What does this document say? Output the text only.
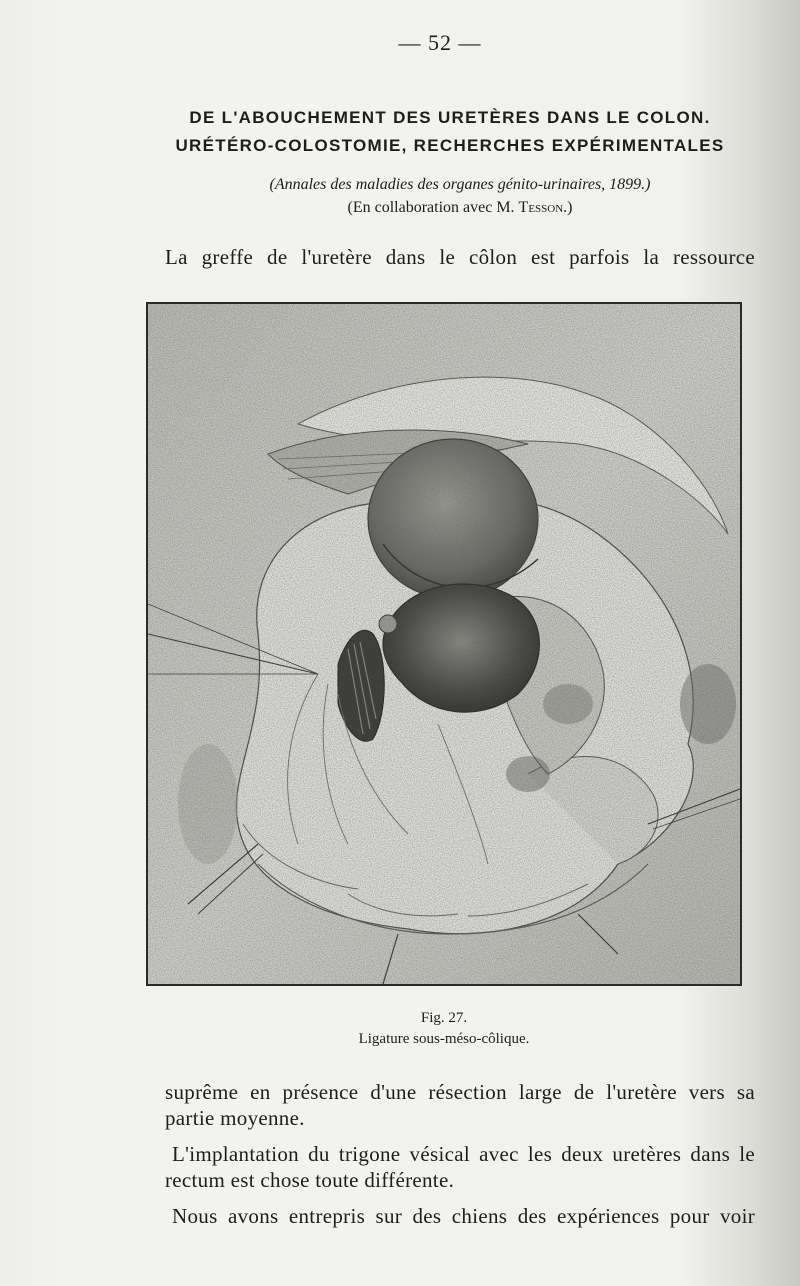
— 52 —
DE L'ABOUCHEMENT DES URETÈRES DANS LE COLON.
URÉTÉRO-COLOSTOMIE, RECHERCHES EXPÉRIMENTALES
(Annales des maladies des organes génito-urinaires, 1899.)
(En collaboration avec M. Tesson.)
La greffe de l'uretère dans le côlon est parfois la ressource
Fig. 27.
Ligature sous-méso-côlique.
suprême en présence d'une résection large de l'uretère vers sa
partie moyenne.
L'implantation du trigone vésical avec les deux uretères dans le
rectum est chose toute différente.
Nous avons entrepris sur des chiens des expériences pour voir
